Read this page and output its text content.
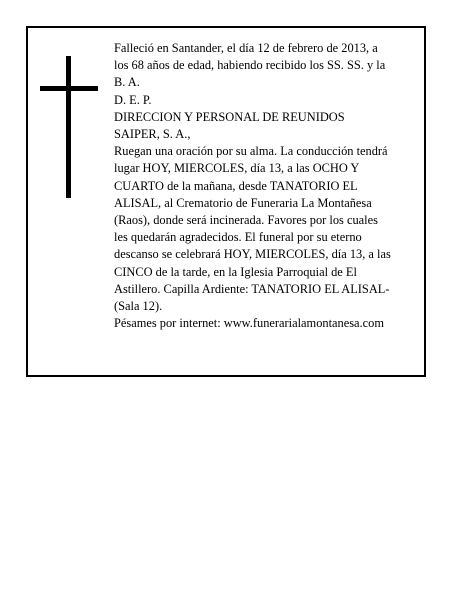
Falleció en Santander, el día 12 de febrero de 2013, a
los 68 años de edad, habiendo recibido los SS. SS. y la
B. A.
D. E. P.
DIRECCION Y PERSONAL DE REUNIDOS
SAIPER, S. A.,
Ruegan una oración por su alma. La conducción tendrá
lugar HOY, MIERCOLES, día 13, a las OCHO Y
CUARTO de la mañana, desde TANATORIO EL
ALISAL, al Crematorio de Funeraria La Montañesa
(Raos), donde será incinerada. Favores por los cuales
les quedarán agradecidos. El funeral por su eterno
descanso se celebrará HOY, MIERCOLES, día 13, a las
CINCO de la tarde, en la Iglesia Parroquial de El
Astillero. Capilla Ardiente: TANATORIO EL ALISAL-
(Sala 12).
Pésames por internet: www.funerarialamontanesa.com
